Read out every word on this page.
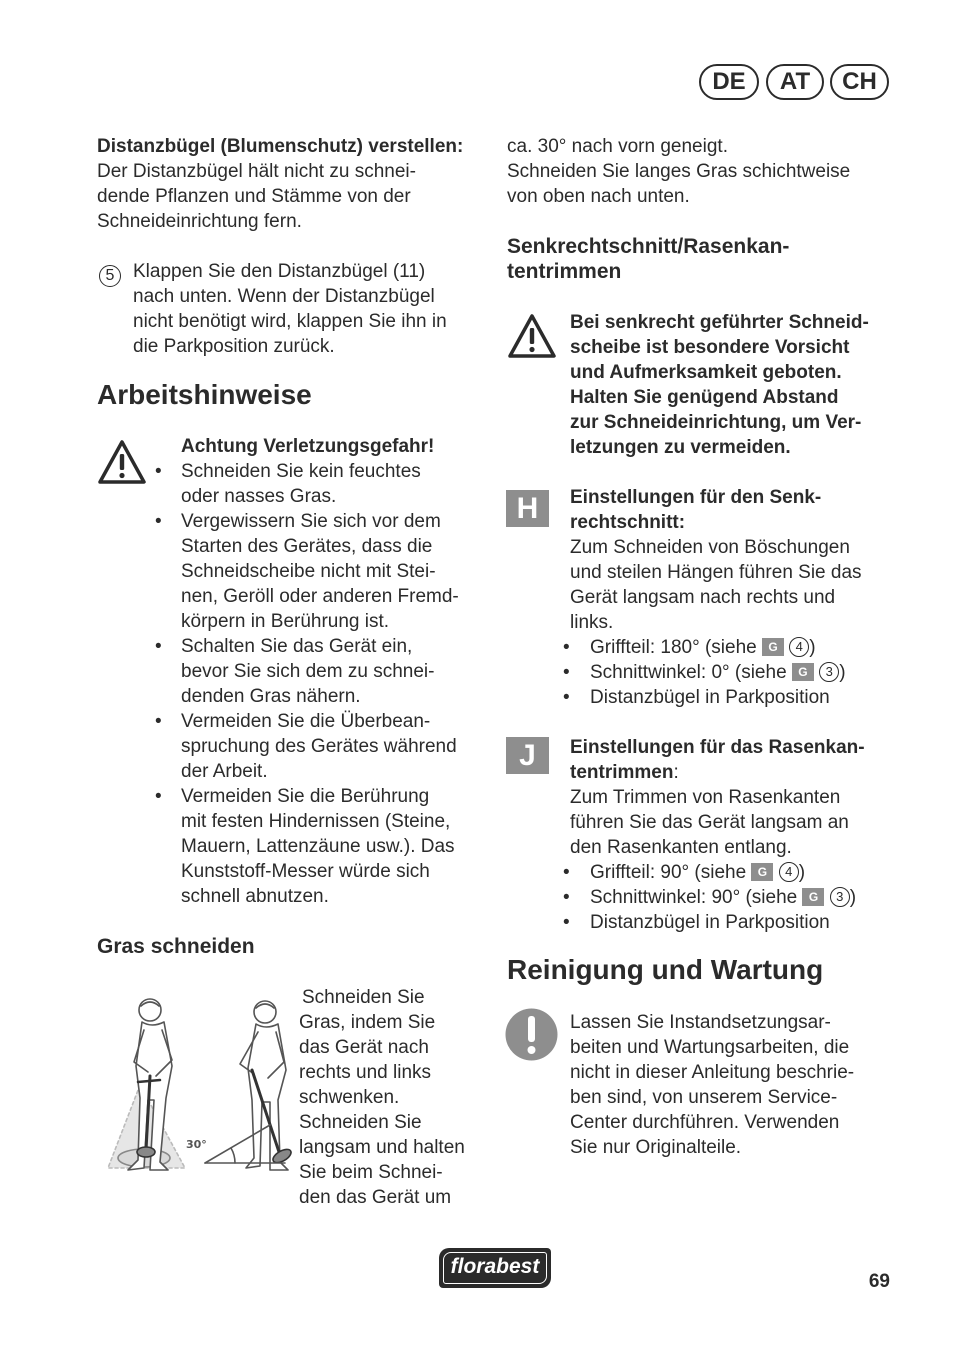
DE	AT	CH

Distanzbügel (Blumenschutz) verstellen:

Der Distanzbügel hält nicht zu schnei-

dende Pflanzen und Stämme von der

Schneideinrichtung fern.

5 Klappen Sie den Distanzbügel (11)

nach unten. Wenn der Distanzbügel

nicht benötigt wird, klappen Sie ihn in

die Parkposition zurück.

Arbeitshinweise

Achtung Verletzungsgefahr!

• Schneiden Sie kein feuchtes

oder nasses Gras.

• Vergewissern Sie sich vor dem

Starten des Gerätes, dass die

Schneidscheibe nicht mit Stei-

nen, Geröll oder anderen Fremd-

körpern in Berührung ist.

• Schalten Sie das Gerät ein,

bevor Sie sich dem zu schnei-

denden Gras nähern.

• Vermeiden Sie die Überbean-

spruchung des Gerätes während

der Arbeit.

• Vermeiden Sie die Berührung

mit festen Hindernissen (Steine,

Mauern, Lattenzäune usw.). Das

Kunststoff-Messer würde sich

schnell abnutzen.

Gras schneiden
30°

Schneiden Sie

Gras, indem Sie

das Gerät nach

rechts und links

schwenken.

Schneiden Sie

langsam und halten

Sie beim Schnei-

den das Gerät um

ca. 30° nach vorn geneigt.

Schneiden Sie langes Gras schichtweise

von oben nach unten.

Senkrechtschnitt/Rasenkan-
tentrimmen

Bei senkrecht geführter Schneid-

scheibe ist besondere Vorsicht

und Aufmerksamkeit geboten.

Halten Sie genügend Abstand

zur Schneideinrichtung, um Ver-

letzungen zu vermeiden.

H	Einstellungen für den Senk-

rechtschnitt:

Zum Schneiden von Böschungen

und steilen Hängen führen Sie das

Gerät langsam nach rechts und

links.

• Griffteil: 180° (siehe G 4 )
• Schnittwinkel: 0° (siehe G 3 )
• Distanzbügel in Parkposition
J	Einstellungen für das Rasenkan-

tentrimmen:

Zum Trimmen von Rasenkanten

führen Sie das Gerät langsam an

den Rasenkanten entlang.

• Griffteil: 90° (siehe G 4 )
• Schnittwinkel: 90° (siehe G 3 )
• Distanzbügel in Parkposition
Reinigung und Wartung

Lassen Sie Instandsetzungsar-

beiten und Wartungsarbeiten, die

nicht in dieser Anleitung beschrie-

ben sind, von unserem Service-

Center durchführen. Verwenden

Sie nur Originalteile.

florabest
69
